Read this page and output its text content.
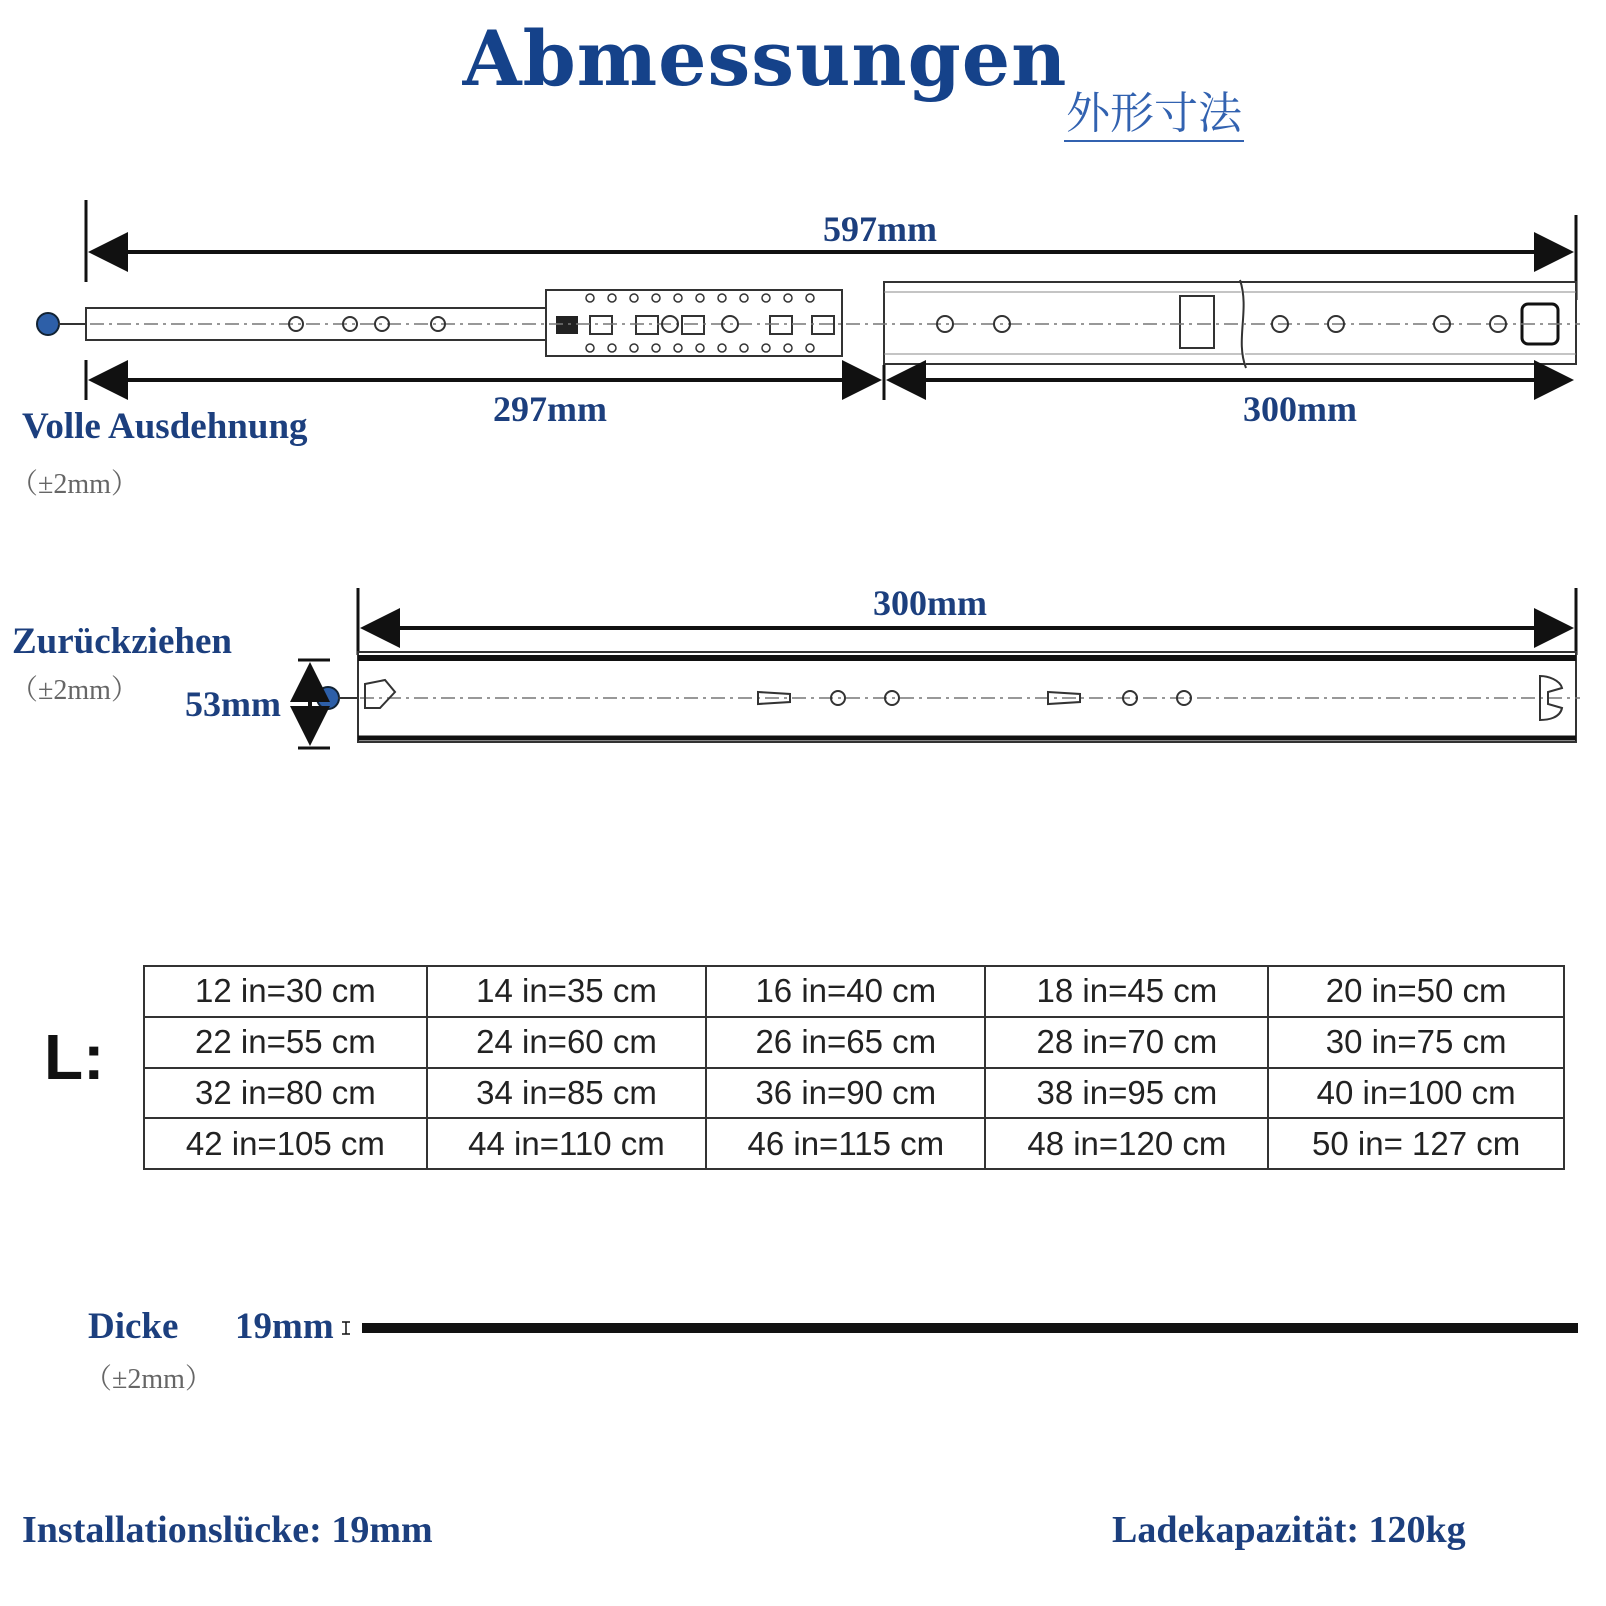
Abmessungen
外形寸法
597mm
297mm	300mm
Volle Ausdehnung
（±2mm）
300mm
53mm
Zurückziehen
（±2mm）
L:
12 in=30 cm	14 in=35 cm	16 in=40 cm	18 in=45 cm	20 in=50 cm
22 in=55 cm	24 in=60 cm	26 in=65 cm	28 in=70 cm	30 in=75 cm
32 in=80 cm	34 in=85 cm	36 in=90 cm	38 in=95 cm	40 in=100 cm
42 in=105 cm	44 in=110 cm	46 in=115 cm	48 in=120 cm	50 in= 127 cm
Dicke 19mm
（±2mm）
Installationslücke: 19mm	Ladekapazität: 120kg
